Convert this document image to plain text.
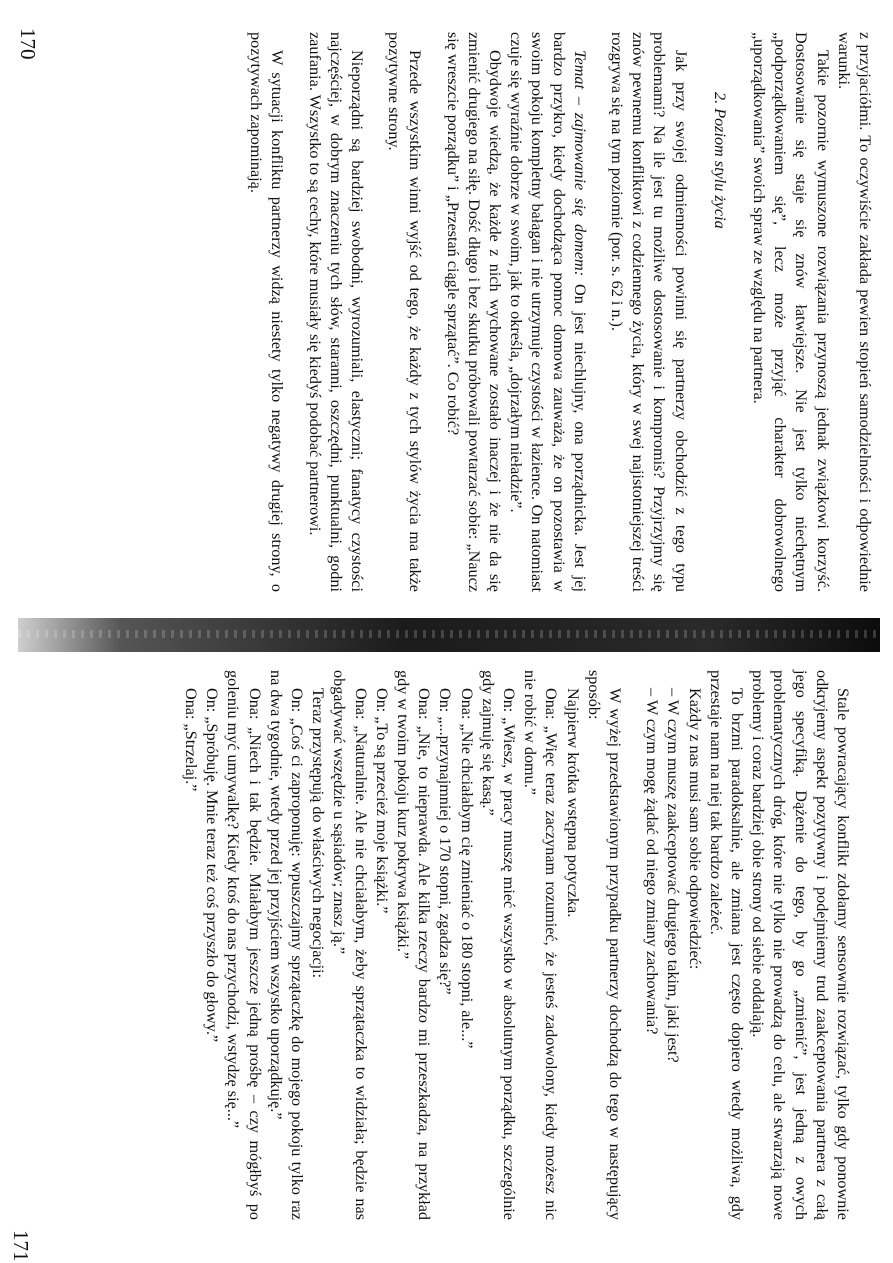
z przyjaciółmi. To oczywiście zakłada pewien stopień samodzielności i odpowiednie warunki.

Takie pozornie wymuszone rozwiązania przynoszą jednak związkowi korzyść. Dostosowanie się staje się znów łatwiejsze. Nie jest tylko niechętnym „podporządkowaniem się”, lecz może przyjąć charakter dobrowolnego „uporządkowania” swoich spraw ze względu na partnera.

2. Poziom stylu życia

Jak przy swojej odmienności powinni się partnerzy obchodzić z tego typu problemami? Na ile jest tu możliwe dostosowanie i kompromis? Przyjrzyjmy się znów pewnemu konfliktowi z codziennego życia, który w swej najistotniejszej treści rozgrywa się na tym poziomie (por. s. 62 i n.).

Temat – zajmowanie się domem: On jest niechlujny, ona porządnicka. Jest jej bardzo przykro, kiedy dochodząca pomoc domowa zauważa, że on pozostawia w swoim pokoju kompletny bałagan i nie utrzymuje czystości w łazience. On natomiast czuje się wyraźnie dobrze w swoim, jak to określa, „dojrzałym nieładzie”.

Obydwoje wiedzą, że każde z nich wychowane zostało inaczej i że nie da się zmienić drugiego na siłę. Dość długo i bez skutku próbowali powtarzać sobie: „Naucz się wreszcie porządku” i „Przestań ciągle sprzątać”. Co robić?

Przede wszystkim winni wyjść od tego, że każdy z tych stylów życia ma także pozytywne strony.

Nieporządni są bardziej swobodni, wyrozumiali, elastyczni; fanatycy czystości najczęściej, w dobrym znaczeniu tych słów, staranni, oszczędni, punktualni, godni zaufania. Wszystko to są cechy, które musiały się kiedyś podobać partnerowi.

W sytuacji konfliktu partnerzy widzą niestety tylko negatywy drugiej strony, o pozytywach zapominają.

170

Stale powracający konflikt zdołamy sensownie rozwiązać, tylko gdy ponownie odkryjemy aspekt pozytywny i podejmiemy trud zaakceptowania partnera z całą jego specyfiką. Dążenie do tego, by go „zmienić”, jest jedną z owych problematycznych dróg, które nie tylko nie prowadzą do celu, ale stwarzają nowe problemy i coraz bardziej obie strony od siebie oddalają.

To brzmi paradoksalnie, ale zmiana jest często dopiero wtedy możliwa, gdy przestaje nam na niej tak bardzo zależeć.

Każdy z nas musi sam sobie odpowiedzieć:

– W czym muszę zaakceptować drugiego takim, jaki jest?

– W czym mogę żądać od niego zmiany zachowania?

W wyżej przedstawionym przypadku partnerzy dochodzą do tego w następujący sposób:

Najpierw krótka wstępna potyczka.

Ona: „Więc teraz zaczynam rozumieć, że jesteś zadowolony, kiedy możesz nic nie robić w domu.”

On: „Wiesz, w pracy muszę mieć wszystko w absolutnym porządku, szczególnie gdy zajmuję się kasą.”

Ona: „Nie chciałabym cię zmieniać o 180 stopni, ale...”

On: „...przynajmniej o 170 stopni, zgadza się?”

Ona: „Nie, to nieprawda. Ale kilka rzeczy bardzo mi przeszkadza, na przykład gdy w twoim pokoju kurz pokrywa książki.”

On: „To są przecież moje książki.”

Ona: „Naturalnie. Ale nie chciałabym, żeby sprzątaczka to widziała; będzie nas obgadywać wszędzie u sąsiadów; znasz ją.”

Teraz przystępują do właściwych negocjacji:

On: „Coś ci zaproponuję: wpuszczajmy sprzątaczkę do mojego pokoju tylko raz na dwa tygodnie, wtedy przed jej przyjściem wszystko uporządkuję.”

Ona: „Niech i tak będzie. Miałabym jeszcze jedną prośbę – czy mógłbyś po goleniu myć umywalkę? Kiedy ktoś do nas przychodzi, wstydzę się...”

On: „Spróbuję. Mnie teraz też coś przyszło do głowy.”

Ona: „Strzelaj.”

171
